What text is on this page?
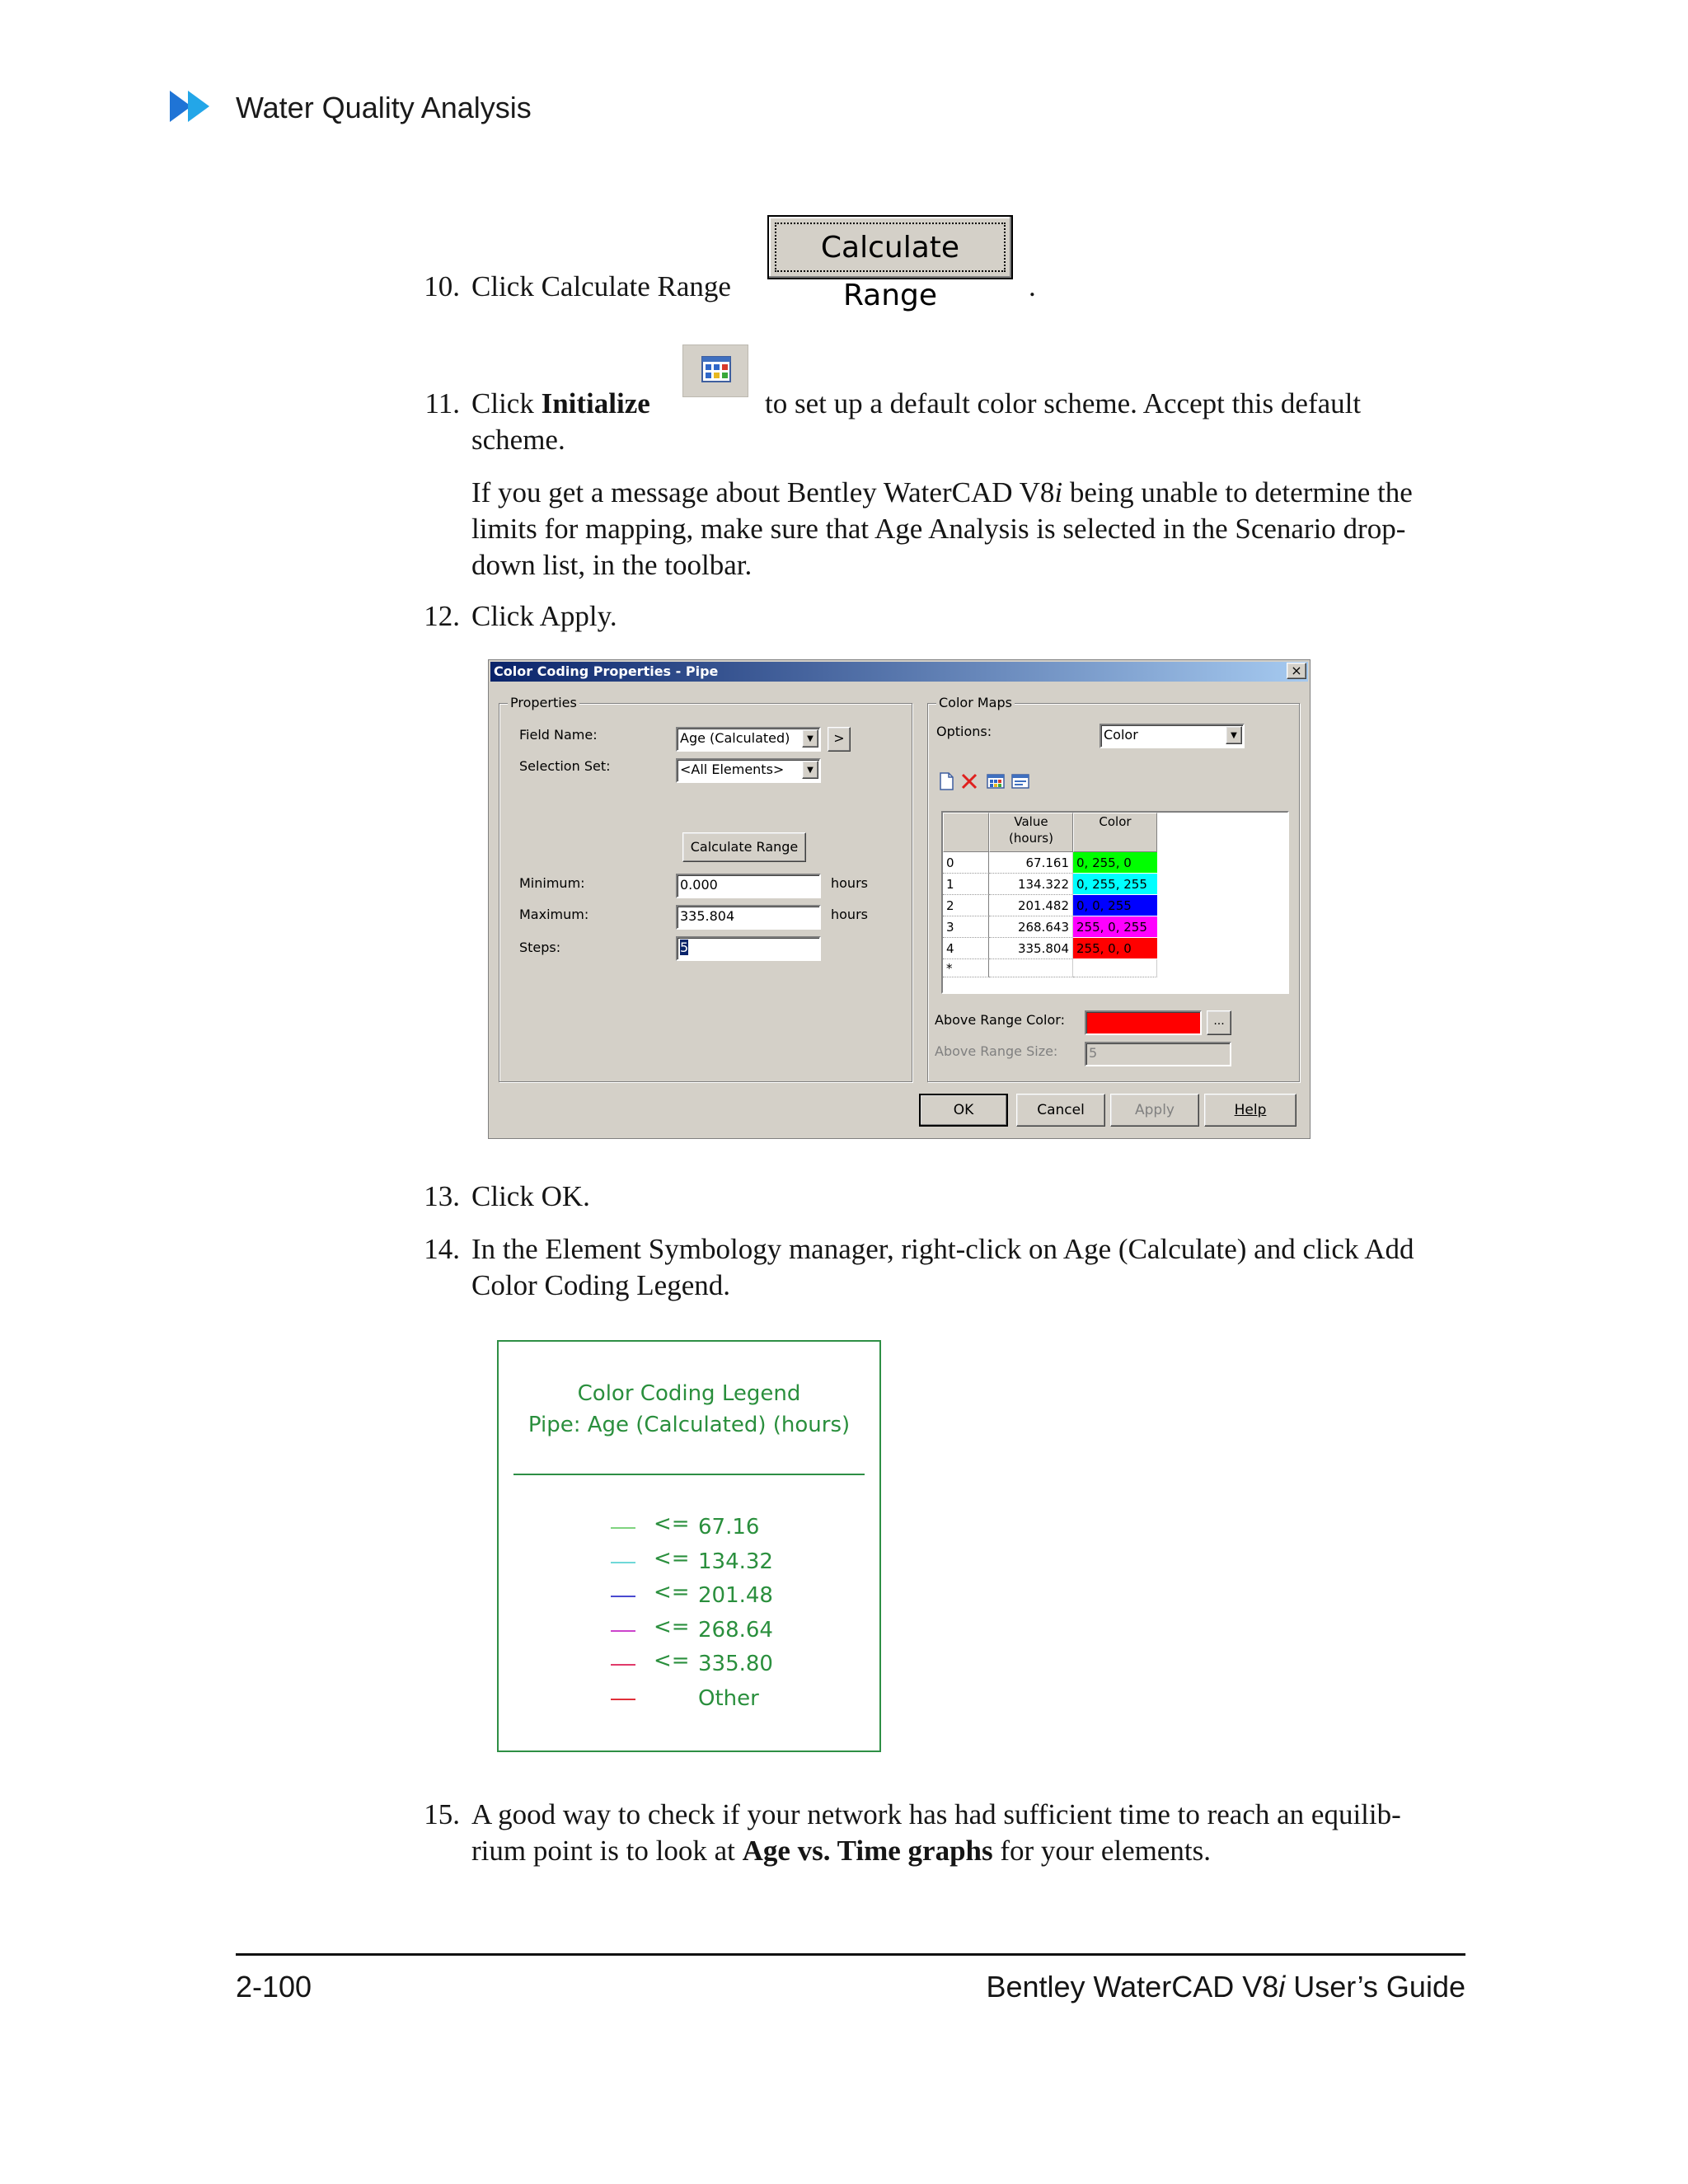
Water Quality Analysis
10. Click Calculate Range
Calculate Range	.
11. Click Initialize	to set up a default color scheme. Accept this default
scheme.
If you get a message about Bentley WaterCAD V8i being unable to determine the
limits for mapping, make sure that Age Analysis is selected in the Scenario drop-
down list, in the toolbar.
12. Click Apply.
Color Coding Properties - Pipe	×
Properties
Field Name:	Age (Calculated)	▼	>
Selection Set:	<All Elements>	▼
Calculate Range
Minimum:	0.000	hours
Maximum:	335.804	hours
Steps:	5
Color Maps
Options:	Color	▼
Value
(hours)
Color
0	67.161 0, 255, 0
1	134.322 0, 255, 255
2	201.482 0, 0, 255
3	268.643 255, 0, 255
4	335.804 255, 0, 0
*
Above Range Color:	...
Above Range Size:	5
OK	Cancel	Apply	Help
13. Click OK.
14. In the Element Symbology manager, right-click on Age (Calculate) and click Add
Color Coding Legend.
Color Coding Legend
Pipe: Age (Calculated) (hours)
<= 67.16
<= 134.32
<= 201.48
<= 268.64
<= 335.80
Other
15. A good way to check if your network has had sufficient time to reach an equilib-
rium point is to look at Age vs. Time graphs for your elements.
2-100	Bentley WaterCAD V8i User’s Guide
